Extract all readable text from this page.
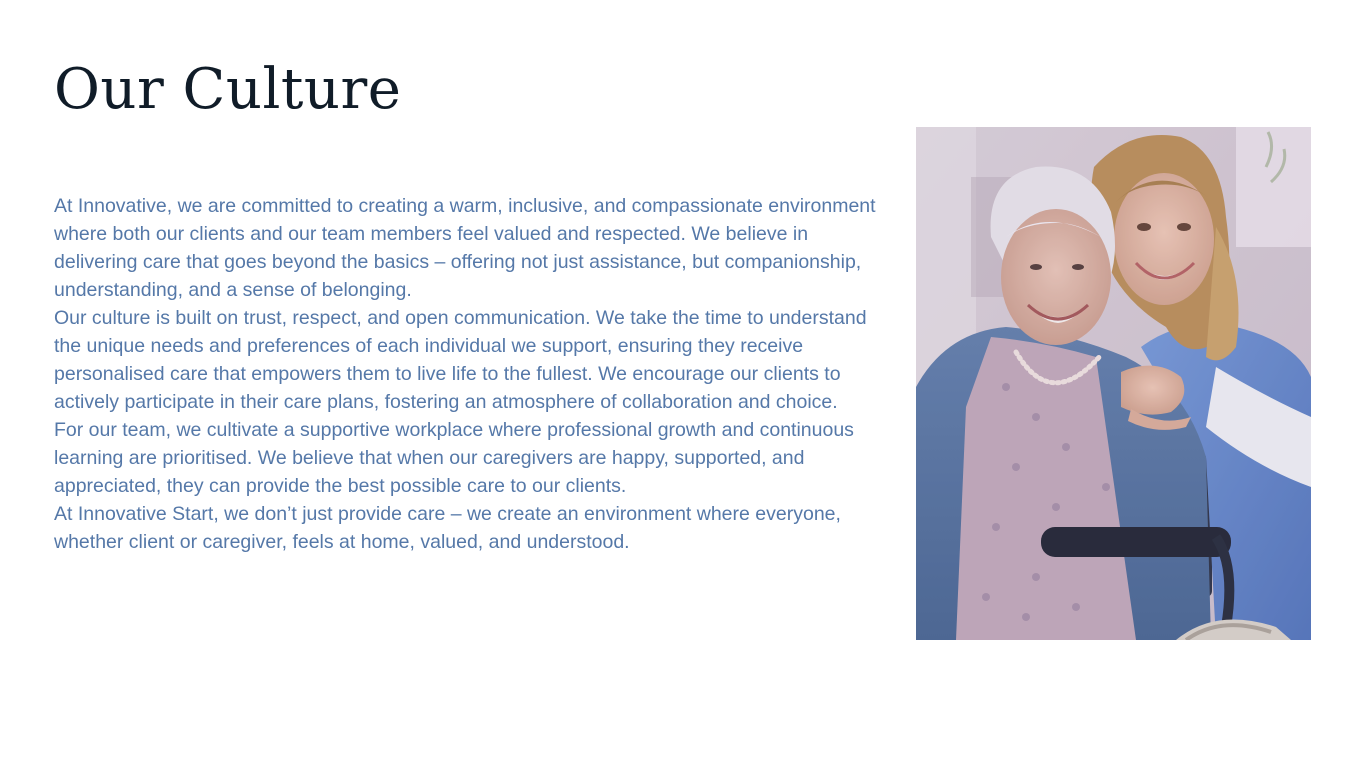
Our Culture

At Innovative, we are committed to creating a warm, inclusive, and compassionate environment where both our clients and our team members feel valued and respected. We believe in delivering care that goes beyond the basics – offering not just assistance, but companionship, understanding, and a sense of belonging.

Our culture is built on trust, respect, and open communication. We take the time to understand the unique needs and preferences of each individual we support, ensuring they receive personalised care that empowers them to live life to the fullest. We encourage our clients to actively participate in their care plans, fostering an atmosphere of collaboration and choice.

For our team, we cultivate a supportive workplace where professional growth and continuous learning are prioritised. We believe that when our caregivers are happy, supported, and appreciated, they can provide the best possible care to our clients.

At Innovative Start, we don’t just provide care – we create an environment where everyone, whether client or caregiver, feels at home, valued, and understood.
